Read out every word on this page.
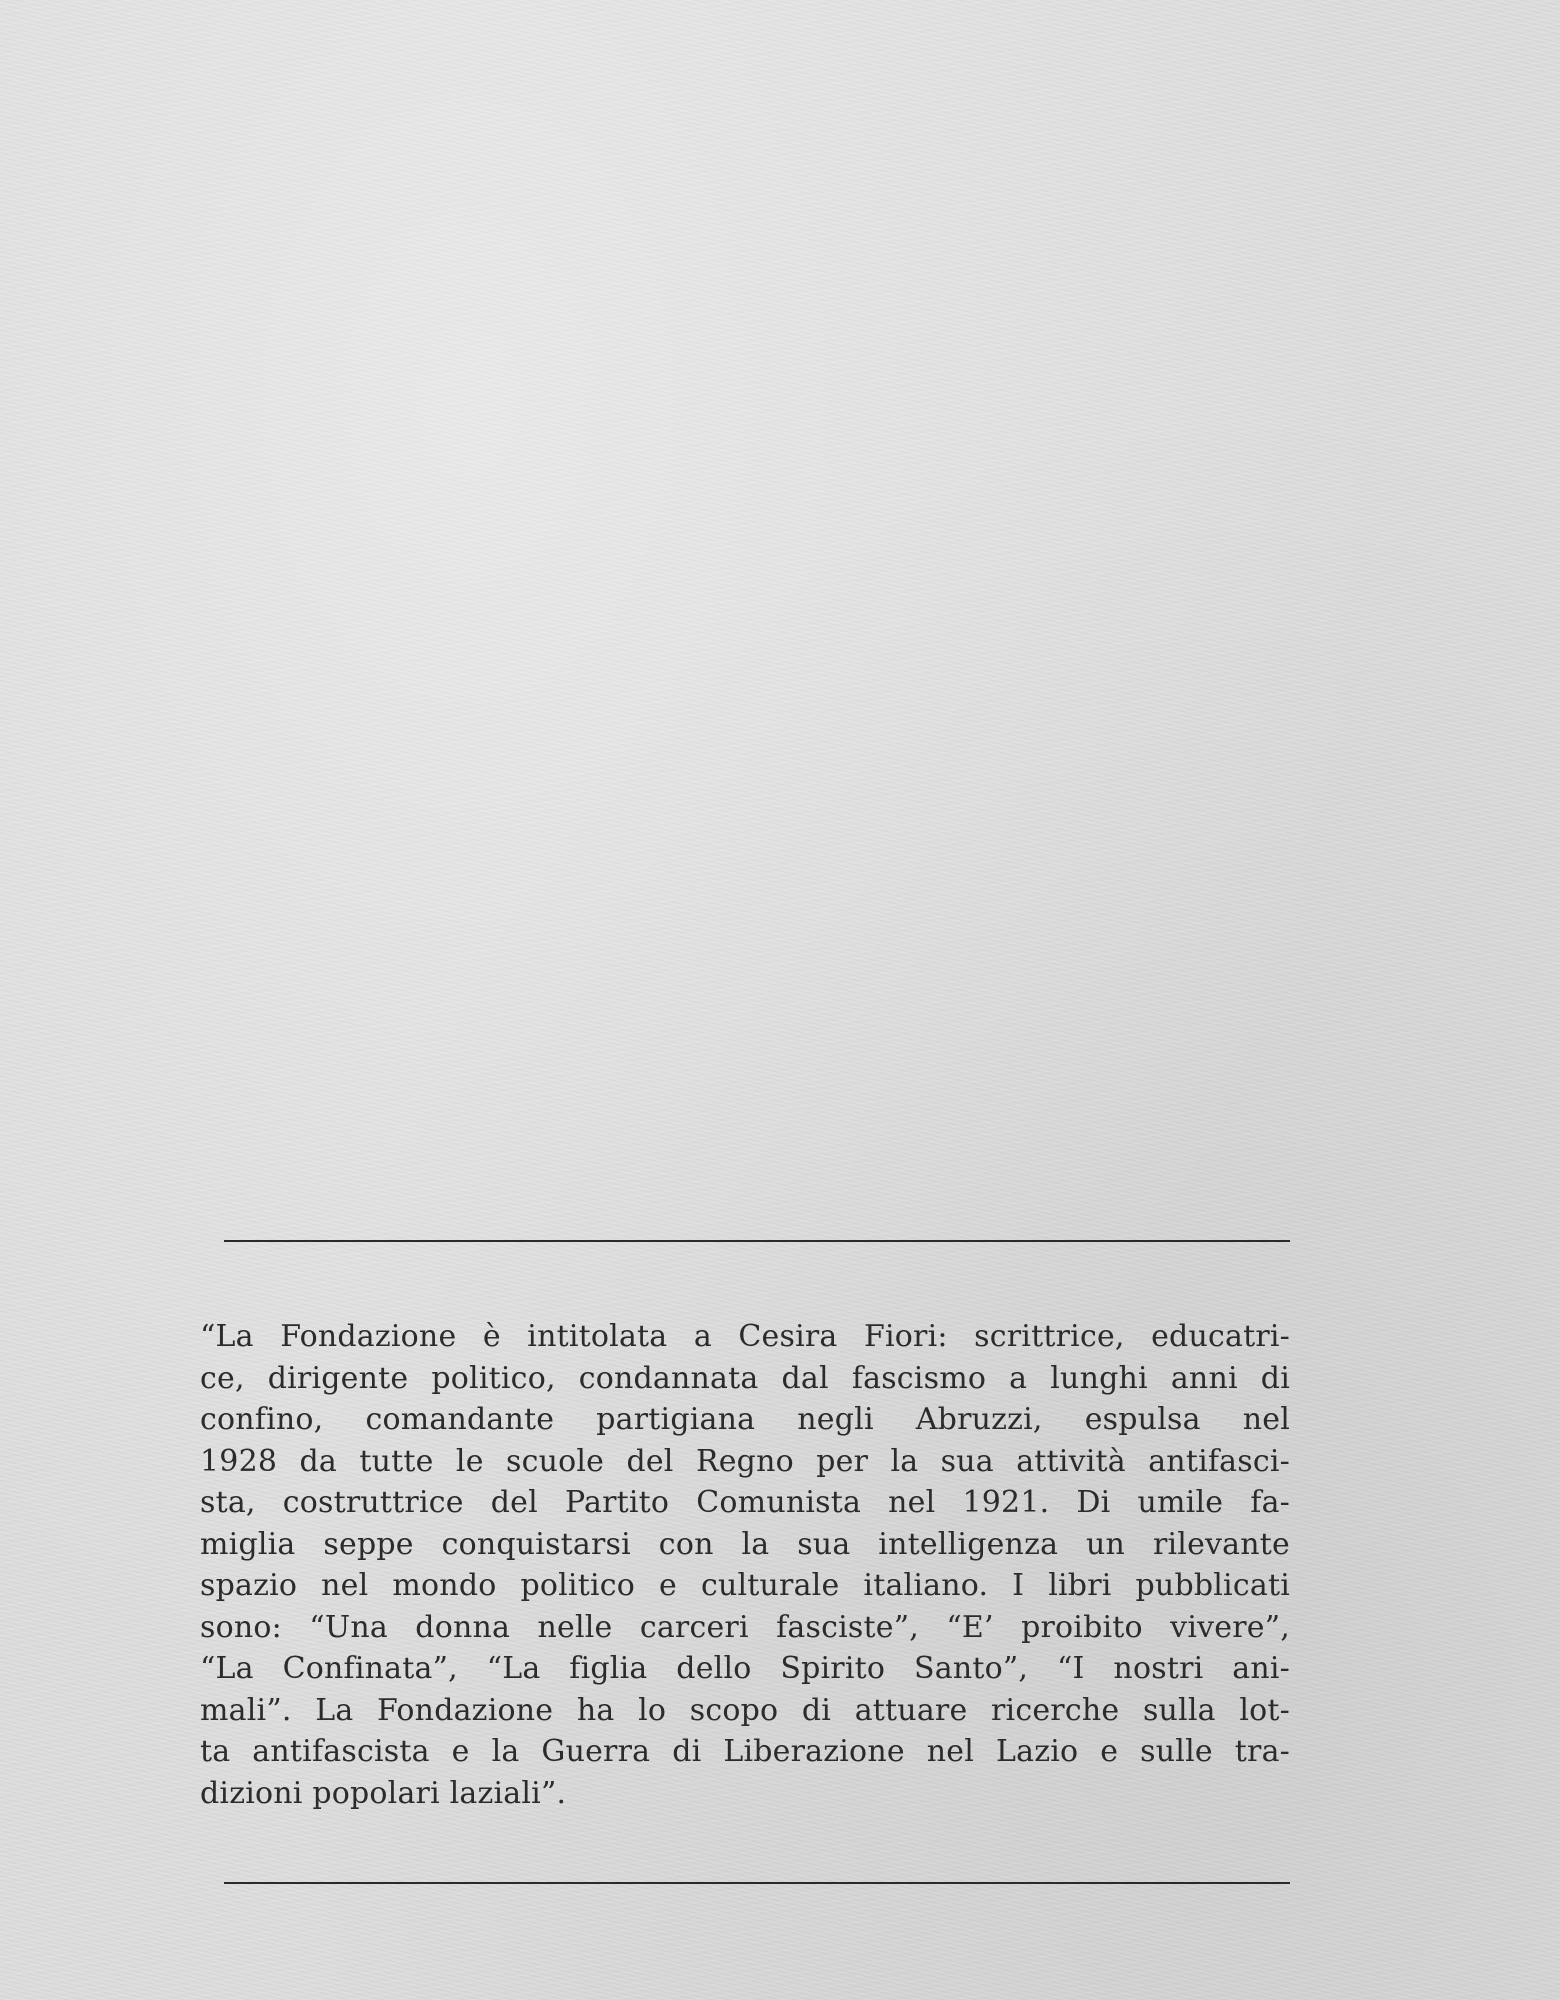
“La Fondazione è intitolata a Cesira Fiori: scrittrice, educatri-
ce, dirigente politico, condannata dal fascismo a lunghi anni di
confino, comandante partigiana negli Abruzzi, espulsa nel
1928 da tutte le scuole del Regno per la sua attività antifasci-
sta, costruttrice del Partito Comunista nel 1921. Di umile fa-
miglia seppe conquistarsi con la sua intelligenza un rilevante
spazio nel mondo politico e culturale italiano. I libri pubblicati
sono: “Una donna nelle carceri fasciste”, “E’ proibito vivere”,
“La Confinata”, “La figlia dello Spirito Santo”, “I nostri ani-
mali”. La Fondazione ha lo scopo di attuare ricerche sulla lot-
ta antifascista e la Guerra di Liberazione nel Lazio e sulle tra-
dizioni popolari laziali”.
